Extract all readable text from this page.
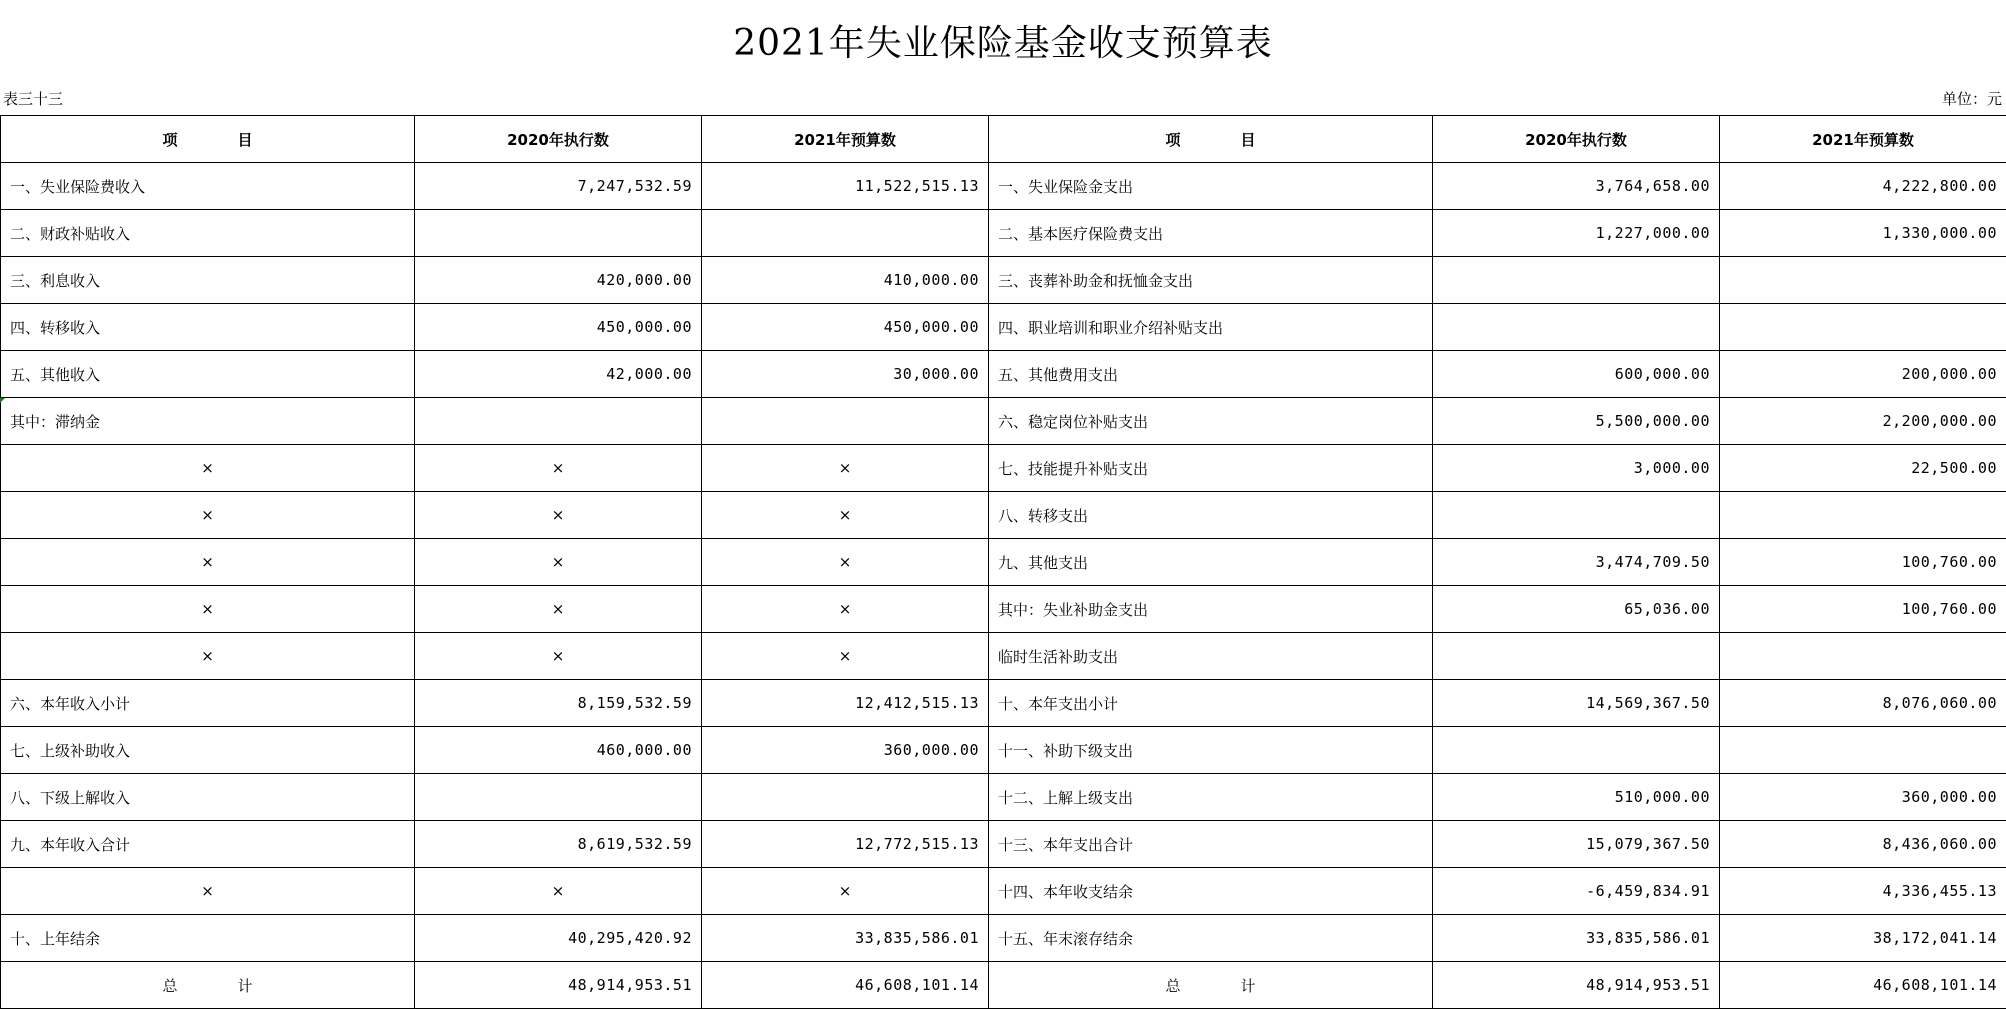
2021年失业保险基金收支预算表
表三十三	单位：元
项　　　　目	2020年执行数	2021年预算数	项　　　　目	2020年执行数	2021年预算数
一、失业保险费收入	7,247,532.59	11,522,515.13	一、失业保险金支出	3,764,658.00	4,222,800.00
二、财政补贴收入			二、基本医疗保险费支出	1,227,000.00	1,330,000.00
三、利息收入	420,000.00	410,000.00	三、丧葬补助金和抚恤金支出		
四、转移收入	450,000.00	450,000.00	四、职业培训和职业介绍补贴支出		
五、其他收入	42,000.00	30,000.00	五、其他费用支出	600,000.00	200,000.00
其中：滞纳金			六、稳定岗位补贴支出	5,500,000.00	2,200,000.00
×	×	×	七、技能提升补贴支出	3,000.00	22,500.00
×	×	×	八、转移支出		
×	×	×	九、其他支出	3,474,709.50	100,760.00
×	×	×	其中：失业补助金支出	65,036.00	100,760.00
×	×	×	临时生活补助支出		
六、本年收入小计	8,159,532.59	12,412,515.13	十、本年支出小计	14,569,367.50	8,076,060.00
七、上级补助收入	460,000.00	360,000.00	十一、补助下级支出		
八、下级上解收入			十二、上解上级支出	510,000.00	360,000.00
九、本年收入合计	8,619,532.59	12,772,515.13	十三、本年支出合计	15,079,367.50	8,436,060.00
×	×	×	十四、本年收支结余	-6,459,834.91	4,336,455.13
十、上年结余	40,295,420.92	33,835,586.01	十五、年末滚存结余	33,835,586.01	38,172,041.14
总　　　　计	48,914,953.51	46,608,101.14	总　　　　计	48,914,953.51	46,608,101.14
